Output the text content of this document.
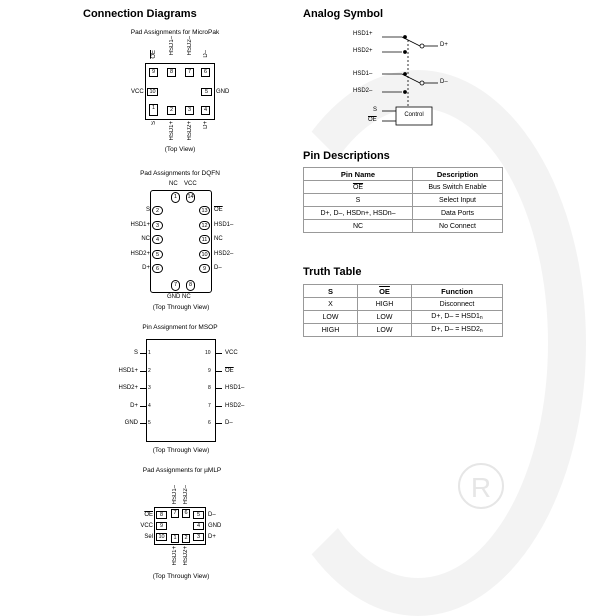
R
Connection Diagrams	Analog Symbol
Pin Descriptions
Truth Table
Pad Assignments for MicroPak
9
OE
8
HSD1–
7
HSD2–
6
D–
1
S
2
HSD1+
3
HSD2+
4
D+
10	5
VCC	GND
(Top View)
Pad Assignments for DQFN
1
NC
14
VCC
2
S
3
HSD1+
4
NC
5
HSD2+
6
D+
13	$\overline{OE}$
12	HSD1–
11	NC
10	HSD2–
9	D–
7
GND
8
NC
(Top Through View)
Pin Assignment for MSOP
1
S
2
HSD1+
3
HSD2+
4
D+
5
GND
10 VCC
9 $\overline{OE}$
8 HSD1–
7 HSD2–
6 D–
(Top Through View)
Pad Assignments for µMLP
7
HSD1–
6
HSD2–
8
$\overline{OE}$
9
VCC
10
Sel
5	D–
4	GND
3	D+
1
HSD1+
2
HSD2+
(Top Through View)
HSD1+
HSD2+
HSD1–
HSD2–
D+
D–
S
$\overline{OE}$
Control
Pin Name	Description
$\overline{OE}$	Bus Switch Enable
S	Select Input
D+, D–, HSDn+, HSDn–	Data Ports
NC	No Connect
S	$\overline{OE}$	Function
X	HIGH	Disconnect
LOW	LOW	D+, $D- = HSD1_n$
HIGH	LOW	D+, $D- = HSD2_n$
